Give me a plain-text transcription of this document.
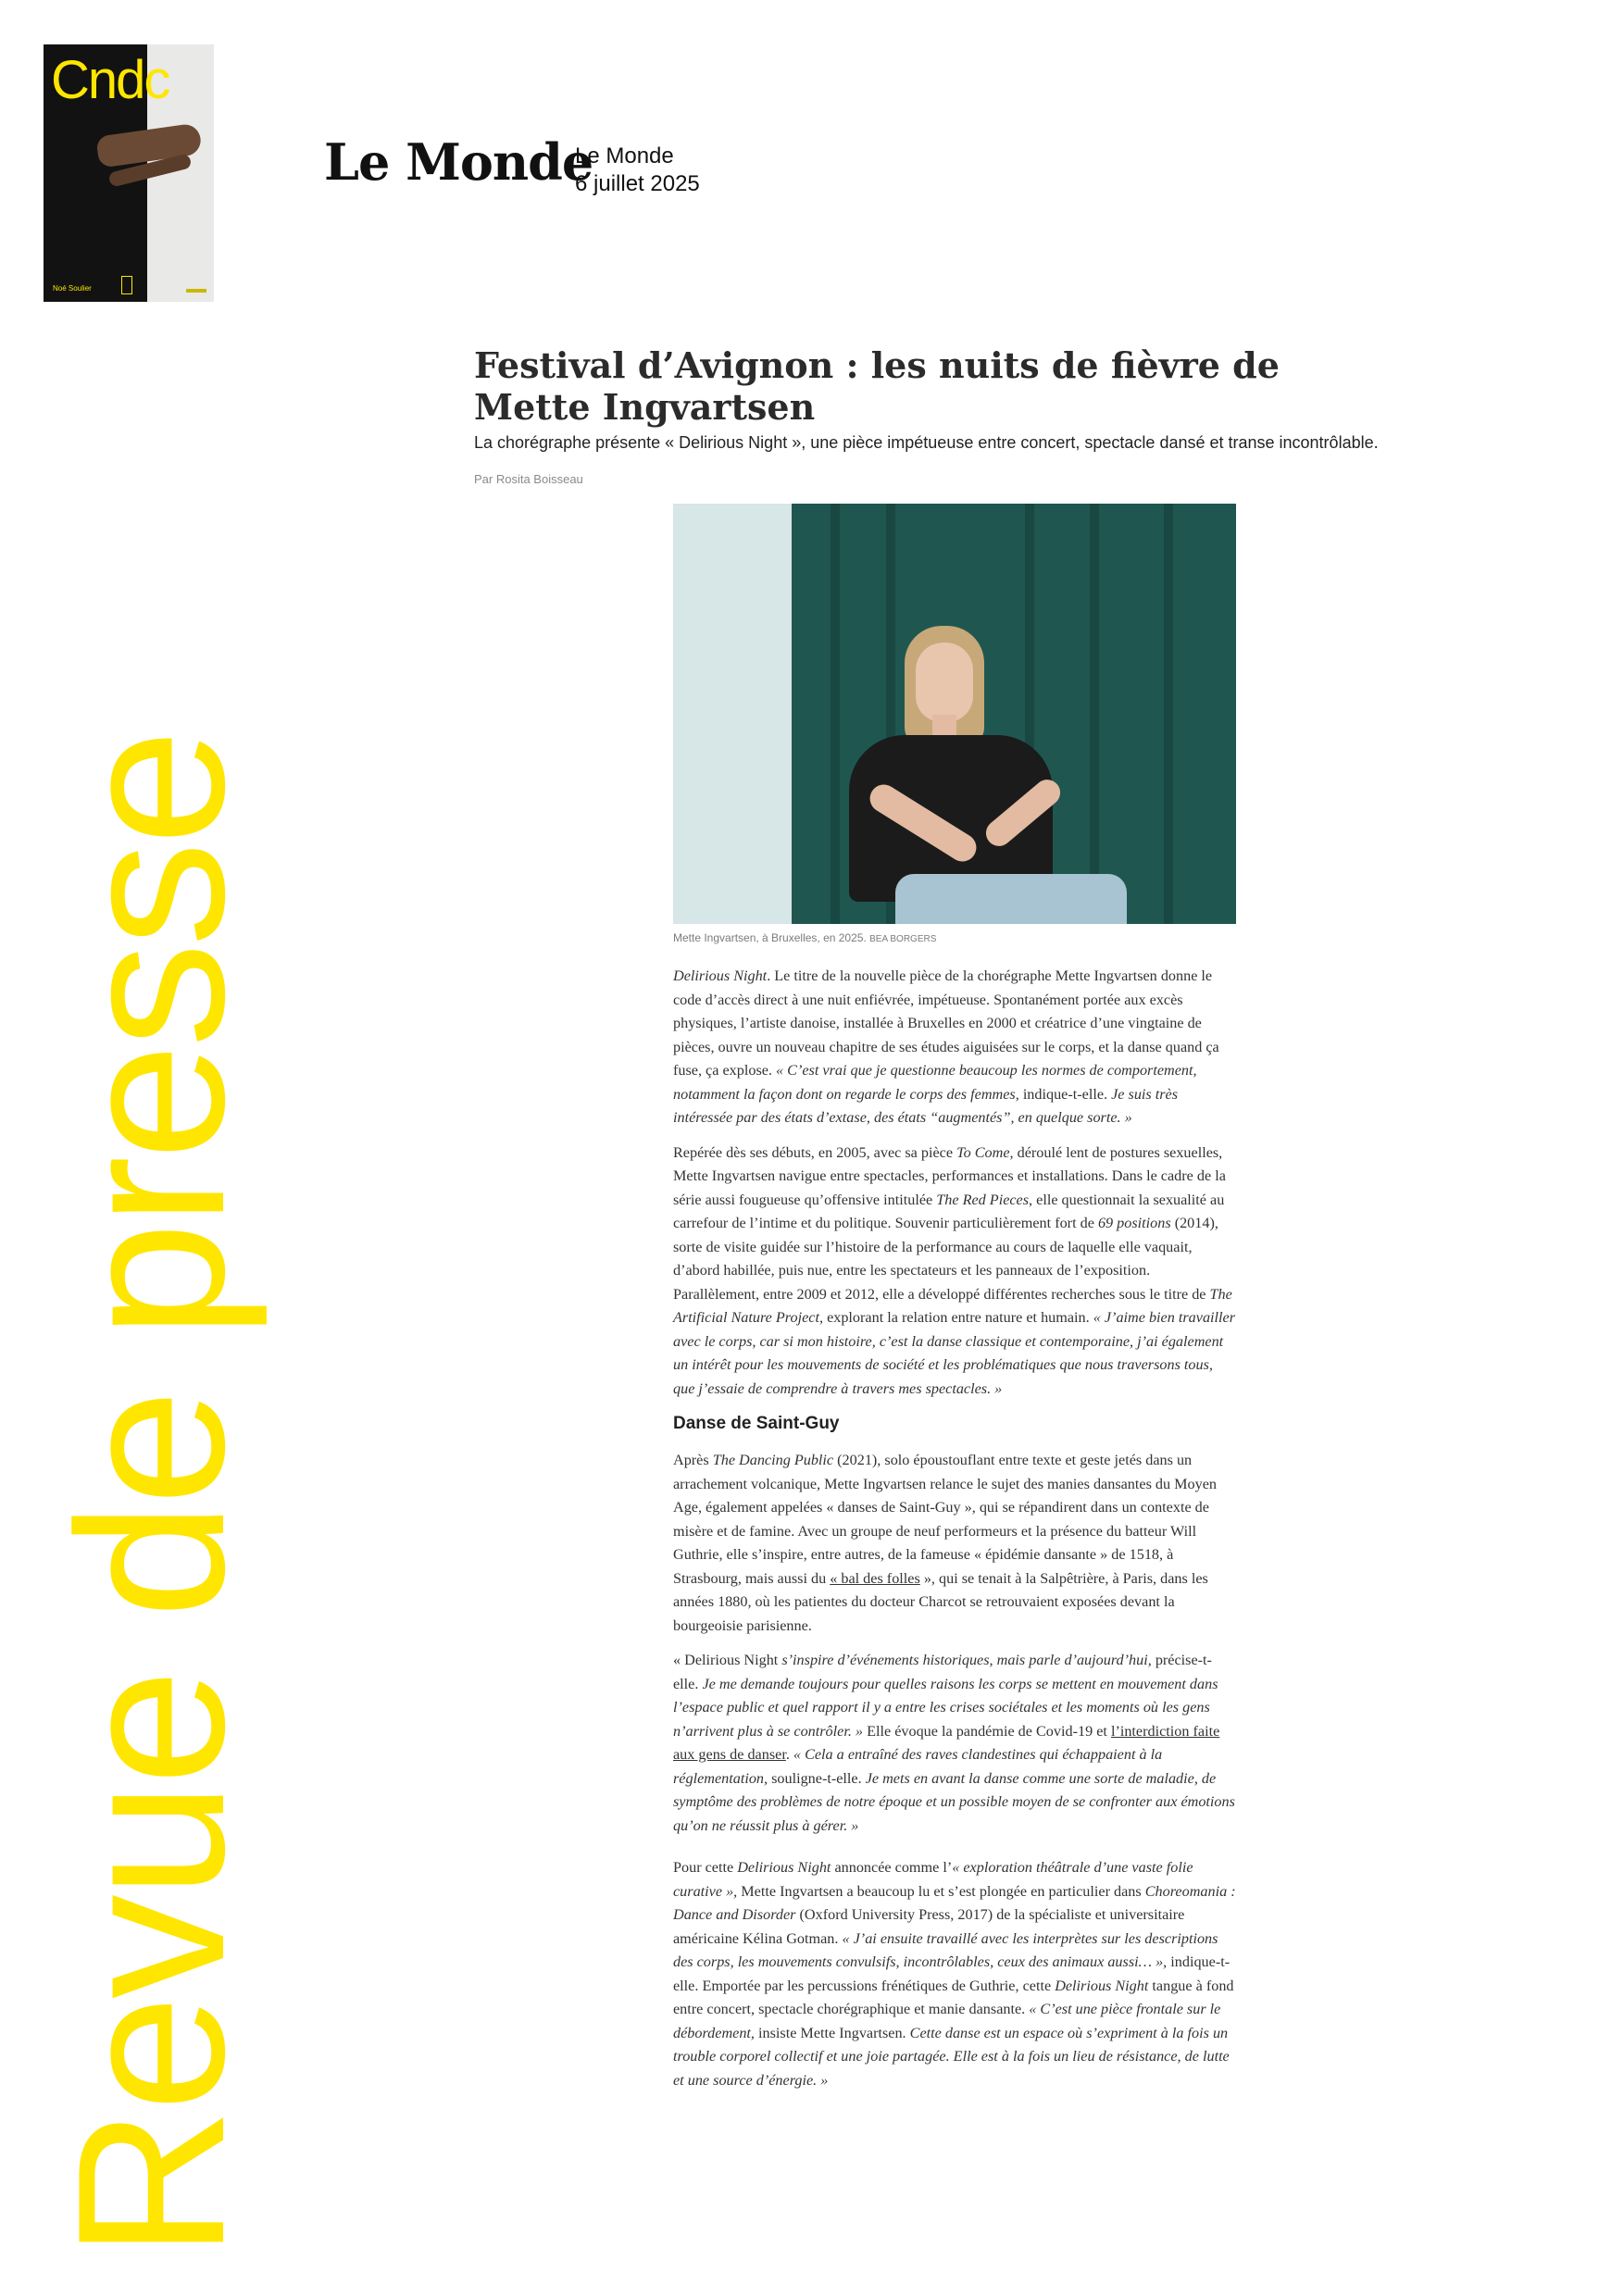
Cndc
Noé Soulier
Le Monde
Le Monde
6 juillet 2025
Revue de presse
Festival d’Avignon : les nuits de fièvre de Mette Ingvartsen

La chorégraphe présente « Delirious Night », une pièce impétueuse entre concert, spectacle dansé et transe incontrôlable.

Par Rosita Boisseau
Mette Ingvartsen, à Bruxelles, en 2025. BEA BORGERS

Delirious Night. Le titre de la nouvelle pièce de la chorégraphe Mette Ingvartsen donne le code d’accès direct à une nuit enfiévrée, impétueuse. Spontanément portée aux excès physiques, l’artiste danoise, installée à Bruxelles en 2000 et créatrice d’une vingtaine de pièces, ouvre un nouveau chapitre de ses études aiguisées sur le corps, et la danse quand ça fuse, ça explose. « C’est vrai que je questionne beaucoup les normes de comportement, notamment la façon dont on regarde le corps des femmes, indique-t-elle. Je suis très intéressée par des états d’extase, des états “augmentés”, en quelque sorte. »

Repérée dès ses débuts, en 2005, avec sa pièce To Come, déroulé lent de postures sexuelles, Mette Ingvartsen navigue entre spectacles, performances et installations. Dans le cadre de la série aussi fougueuse qu’offensive intitulée The Red Pieces, elle questionnait la sexualité au carrefour de l’intime et du politique. Souvenir particulièrement fort de 69 positions (2014), sorte de visite guidée sur l’histoire de la performance au cours de laquelle elle vaquait, d’abord habillée, puis nue, entre les spectateurs et les panneaux de l’exposition. Parallèlement, entre 2009 et 2012, elle a développé différentes recherches sous le titre de The Artificial Nature Project, explorant la relation entre nature et humain. « J’aime bien travailler avec le corps, car si mon histoire, c’est la danse classique et contemporaine, j’ai également un intérêt pour les mouvements de société et les problématiques que nous traversons tous, que j’essaie de comprendre à travers mes spectacles. »

Danse de Saint-Guy

Après The Dancing Public (2021), solo époustouflant entre texte et geste jetés dans un arrachement volcanique, Mette Ingvartsen relance le sujet des manies dansantes du Moyen Age, également appelées « danses de Saint-Guy », qui se répandirent dans un contexte de misère et de famine. Avec un groupe de neuf performeurs et la présence du batteur Will Guthrie, elle s’inspire, entre autres, de la fameuse « épidémie dansante » de 1518, à Strasbourg, mais aussi du « bal des folles », qui se tenait à la Salpêtrière, à Paris, dans les années 1880, où les patientes du docteur Charcot se retrouvaient exposées devant la bourgeoisie parisienne.

« Delirious Night s’inspire d’événements historiques, mais parle d’aujourd’hui, précise-t-elle. Je me demande toujours pour quelles raisons les corps se mettent en mouvement dans l’espace public et quel rapport il y a entre les crises sociétales et les moments où les gens n’arrivent plus à se contrôler. » Elle évoque la pandémie de Covid-19 et l’interdiction faite aux gens de danser. « Cela a entraîné des raves clandestines qui échappaient à la réglementation, souligne-t-elle. Je mets en avant la danse comme une sorte de maladie, de symptôme des problèmes de notre époque et un possible moyen de se confronter aux émotions qu’on ne réussit plus à gérer. »

Pour cette Delirious Night annoncée comme l’« exploration théâtrale d’une vaste folie curative », Mette Ingvartsen a beaucoup lu et s’est plongée en particulier dans Choreomania : Dance and Disorder (Oxford University Press, 2017) de la spécialiste et universitaire américaine Kélina Gotman. « J’ai ensuite travaillé avec les interprètes sur les descriptions des corps, les mouvements convulsifs, incontrôlables, ceux des animaux aussi… », indique-t-elle. Emportée par les percussions frénétiques de Guthrie, cette Delirious Night tangue à fond entre concert, spectacle chorégraphique et manie dansante. « C’est une pièce frontale sur le débordement, insiste Mette Ingvartsen. Cette danse est un espace où s’expriment à la fois un trouble corporel collectif et une joie partagée. Elle est à la fois un lieu de résistance, de lutte et une source d’énergie. »
